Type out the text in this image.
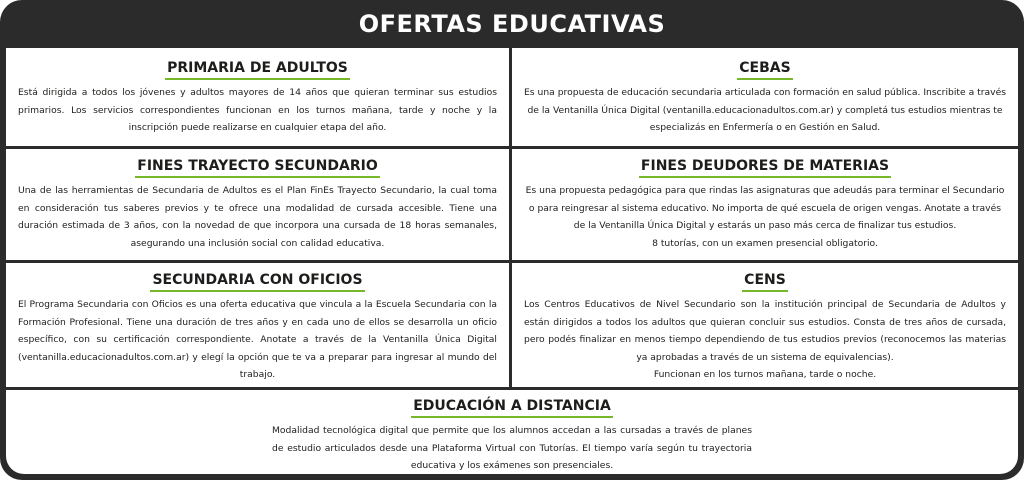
OFERTAS EDUCATIVAS
PRIMARIA DE ADULTOS

Está dirigida a todos los jóvenes y adultos mayores de 14 años que quieran terminar sus estudios primarios. Los servicios correspondientes funcionan en los turnos mañana, tarde y noche y la inscripción puede realizarse en cualquier etapa del año.

CEBAS

Es una propuesta de educación secundaria articulada con formación en salud pública. Inscribite a través de la Ventanilla Única Digital (ventanilla.educacionadultos.com.ar) y completá tus estudios mientras te especializás en Enfermería o en Gestión en Salud.

FINES TRAYECTO SECUNDARIO

Una de las herramientas de Secundaria de Adultos es el Plan FinEs Trayecto Secundario, la cual toma en consideración tus saberes previos y te ofrece una modalidad de cursada accesible. Tiene una duración estimada de 3 años, con la novedad de que incorpora una cursada de 18 horas semanales, asegurando una inclusión social con calidad educativa.

FINES DEUDORES DE MATERIAS

Es una propuesta pedagógica para que rindas las asignaturas que adeudás para terminar el Secundario o para reingresar al sistema educativo. No importa de qué escuela de origen vengas. Anotate a través de la Ventanilla Única Digital y estarás un paso más cerca de finalizar tus estudios.

8 tutorías, con un examen presencial obligatorio.

SECUNDARIA CON OFICIOS

El Programa Secundaria con Oficios es una oferta educativa que vincula a la Escuela Secundaria con la Formación Profesional. Tiene una duración de tres años y en cada uno de ellos se desarrolla un oficio específico, con su certificación correspondiente. Anotate a través de la Ventanilla Única Digital (ventanilla.educacionadultos.com.ar) y elegí la opción que te va a preparar para ingresar al mundo del trabajo.

CENS

Los Centros Educativos de Nivel Secundario son la institución principal de Secundaria de Adultos y están dirigidos a todos los adultos que quieran concluir sus estudios. Consta de tres años de cursada, pero podés finalizar en menos tiempo dependiendo de tus estudios previos (reconocemos las materias ya aprobadas a través de un sistema de equivalencias).

Funcionan en los turnos mañana, tarde o noche.

EDUCACIÓN A DISTANCIA

Modalidad tecnológica digital que permite que los alumnos accedan a las cursadas a través de planes de estudio articulados desde una Plataforma Virtual con Tutorías. El tiempo varía según tu trayectoria educativa y los exámenes son presenciales.
